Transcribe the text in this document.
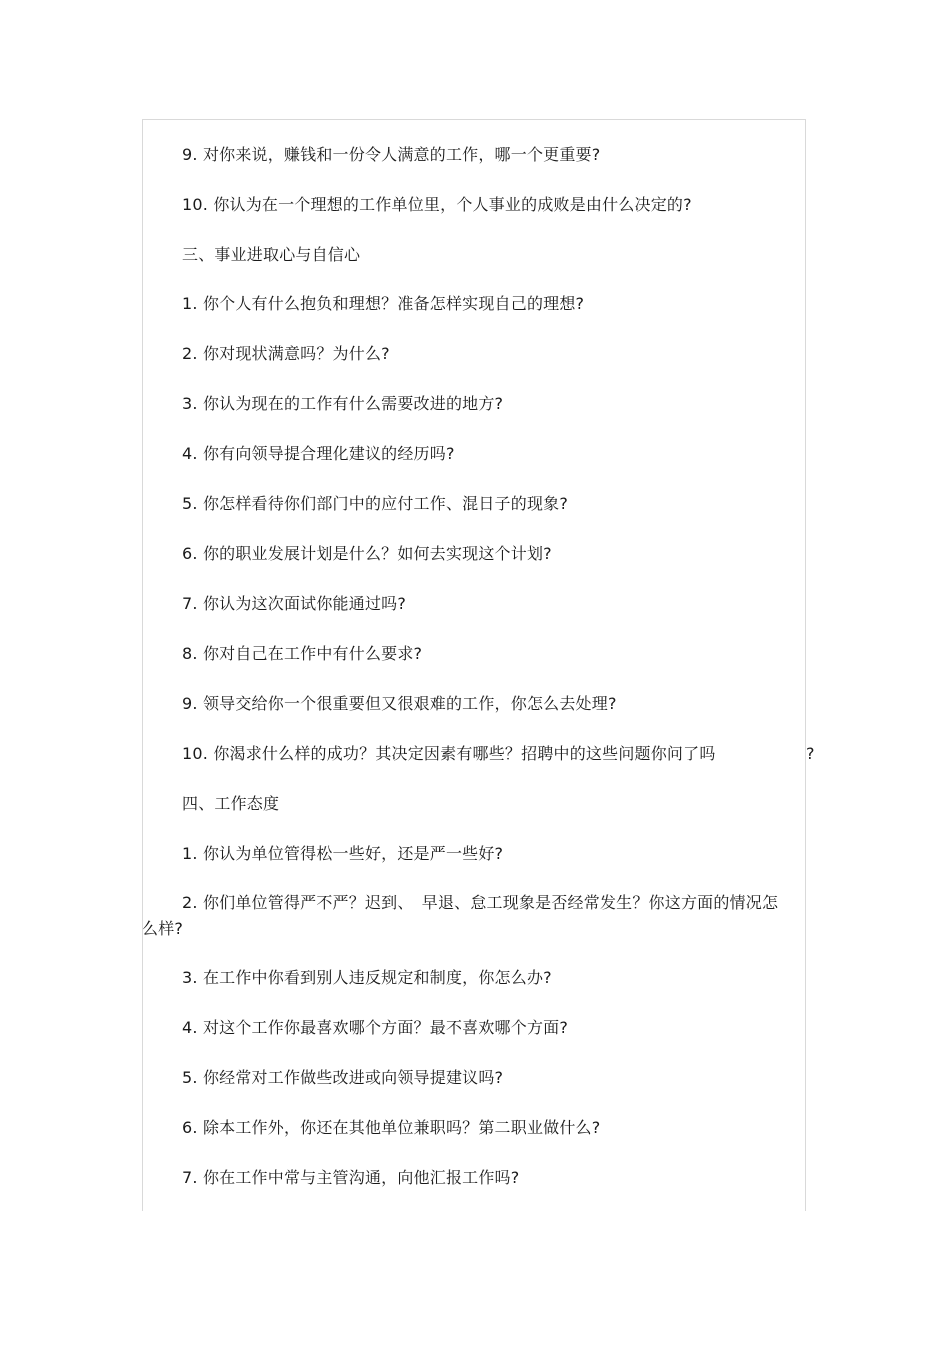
9. 对你来说，赚钱和一份令人满意的工作，哪一个更重要?
10. 你认为在一个理想的工作单位里，个人事业的成败是由什么决定的?
三、事业进取心与自信心
1. 你个人有什么抱负和理想？准备怎样实现自己的理想?
2. 你对现状满意吗？为什么?
3. 你认为现在的工作有什么需要改进的地方?
4. 你有向领导提合理化建议的经历吗?
5. 你怎样看待你们部门中的应付工作、混日子的现象?
6. 你的职业发展计划是什么？如何去实现这个计划?
7. 你认为这次面试你能通过吗?
8. 你对自己在工作中有什么要求?
9. 领导交给你一个很重要但又很艰难的工作，你怎么去处理?
10. 你渴求什么样的成功？其决定因素有哪些？招聘中的这些问题你问了吗	?
四、工作态度
1. 你认为单位管得松一些好，还是严一些好?
2. 你们单位管得严不严？迟到、　早退、怠工现象是否经常发生？你这方面的情况怎么样?
3. 在工作中你看到别人违反规定和制度，你怎么办?
4. 对这个工作你最喜欢哪个方面？最不喜欢哪个方面?
5. 你经常对工作做些改进或向领导提建议吗?
6. 除本工作外，你还在其他单位兼职吗？第二职业做什么?
7. 你在工作中常与主管沟通，向他汇报工作吗?
